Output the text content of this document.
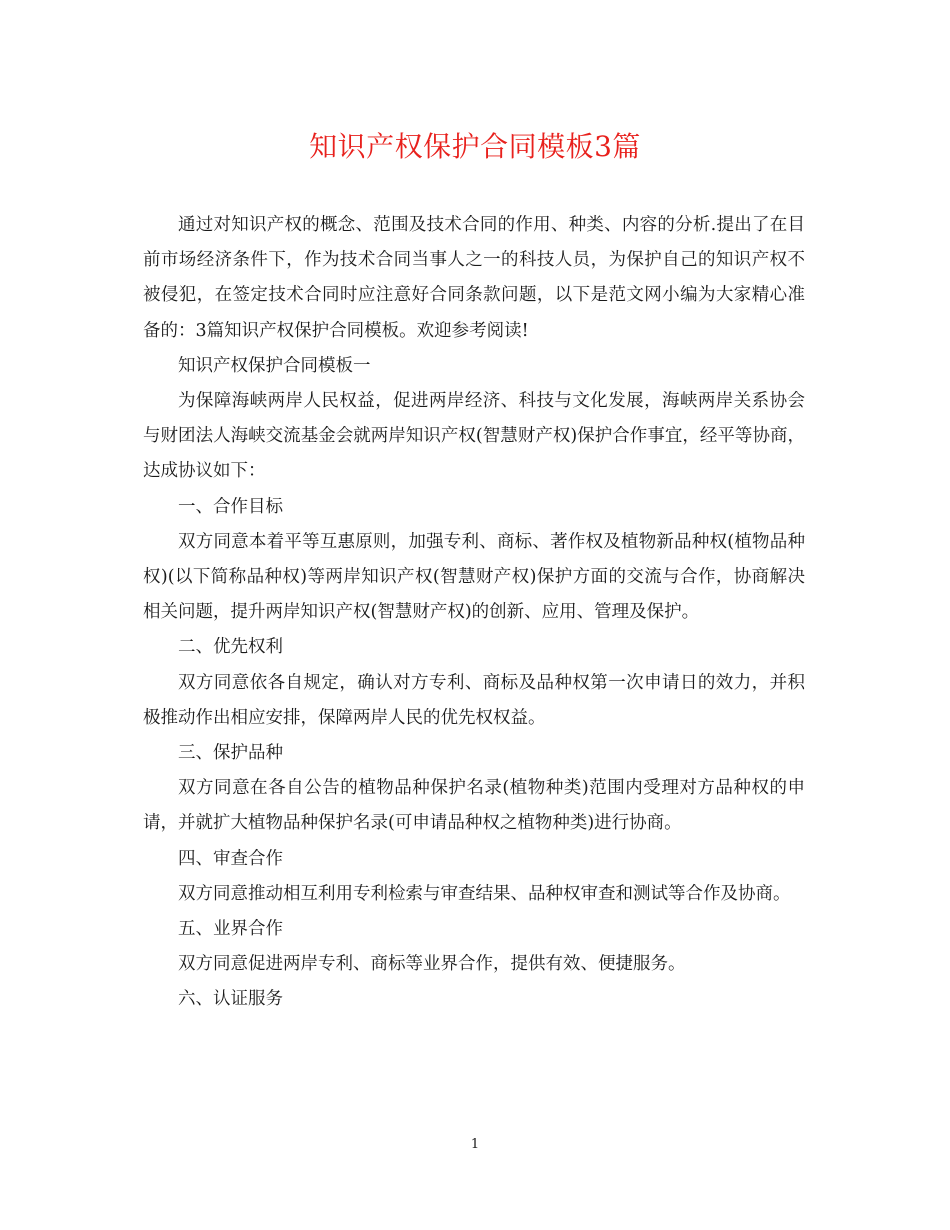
知识产权保护合同模板3篇

通过对知识产权的概念、范围及技术合同的作用、种类、内容的分析.提出了在目前市场经济条件下，作为技术合同当事人之一的科技人员，为保护自己的知识产权不被侵犯，在签定技术合同时应注意好合同条款问题，以下是范文网小编为大家精心准备的：3篇知识产权保护合同模板。欢迎参考阅读!

知识产权保护合同模板一

为保障海峡两岸人民权益，促进两岸经济、科技与文化发展，海峡两岸关系协会与财团法人海峡交流基金会就两岸知识产权(智慧财产权)保护合作事宜，经平等协商，达成协议如下：

一、合作目标

双方同意本着平等互惠原则，加强专利、商标、著作权及植物新品种权(植物品种权)(以下简称品种权)等两岸知识产权(智慧财产权)保护方面的交流与合作，协商解决相关问题，提升两岸知识产权(智慧财产权)的创新、应用、管理及保护。

二、优先权利

双方同意依各自规定，确认对方专利、商标及品种权第一次申请日的效力，并积极推动作出相应安排，保障两岸人民的优先权权益。

三、保护品种

双方同意在各自公告的植物品种保护名录(植物种类)范围内受理对方品种权的申请，并就扩大植物品种保护名录(可申请品种权之植物种类)进行协商。

四、审查合作

双方同意推动相互利用专利检索与审查结果、品种权审查和测试等合作及协商。

五、业界合作

双方同意促进两岸专利、商标等业界合作，提供有效、便捷服务。

六、认证服务

1
